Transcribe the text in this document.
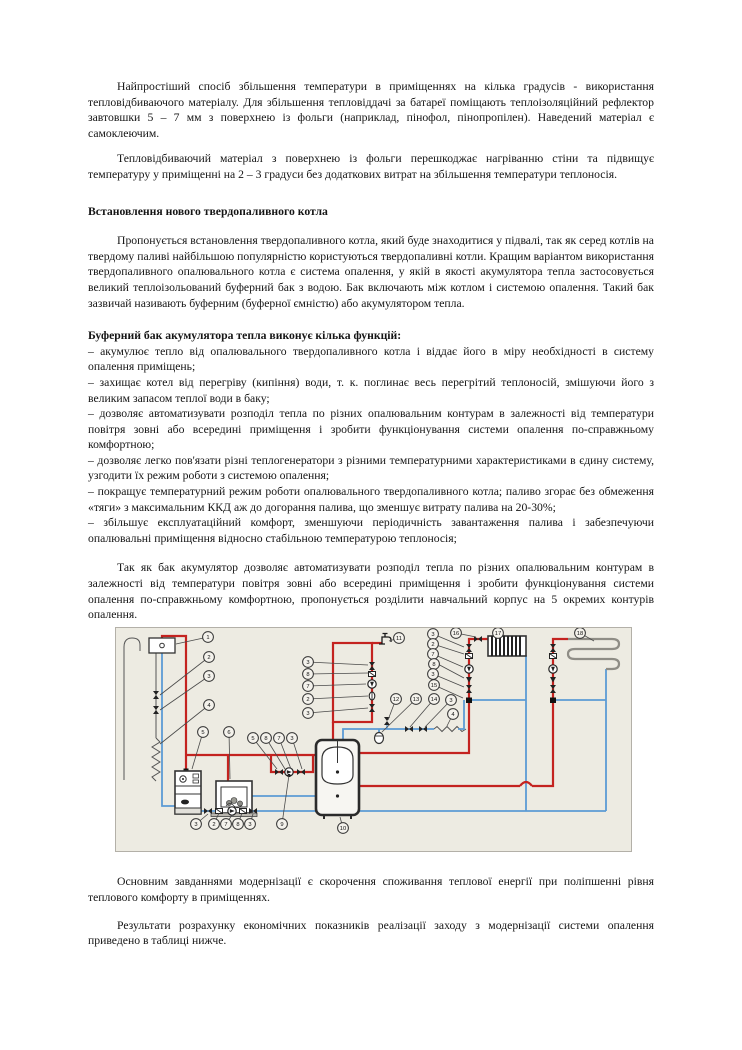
Найпростіший спосіб збільшення температури в приміщеннях на кілька градусів - використання тепловідбиваючого матеріалу. Для збільшення тепловіддачі за батареї поміщають теплоізоляційний рефлектор завтовшки 5 – 7 мм з поверхнею із фольги (наприклад, пінофол, пінопропілен). Наведений матеріал є самоклеючим.

Тепловідбиваючий матеріал з поверхнею із фольги перешкоджає нагріванню стіни та підвищує температуру у приміщенні на 2 – 3 градуси без додаткових витрат на збільшення температури теплоносія.

Встановлення нового твердопаливного котла

Пропонується встановлення твердопаливного котла, який буде знаходитися у підвалі, так як серед котлів на твердому паливі найбільшою популярністю користуються твердопаливні котли. Кращим варіантом використання твердопаливного опалювального котла є система опалення, у якій в якості акумулятора тепла застосовується великий теплоізольований буферний бак з водою. Бак включають між котлом і системою опалення. Такий бак зазвичай називають буферним (буферної ємністю) або акумулятором тепла.

Буферний бак акумулятора тепла виконує кілька функцій:

– акумулює тепло від опалювального твердопаливного котла і віддає його в міру необхідності в систему опалення приміщень;

– захищає котел від перегріву (кипіння) води, т. к. поглинає весь перегрітий теплоносій, змішуючи його з великим запасом теплої води в баку;

– дозволяє автоматизувати розподіл тепла по різних опалювальним контурам в залежності від температури повітря зовні або всередині приміщення і зробити функціонування системи опалення по-справжньому комфортною;

– дозволяє легко пов'язати різні теплогенератори з різними температурними характеристиками в єдину систему, узгодити їх режим роботи з системою опалення;

– покращує температурний режим роботи опалювального твердопаливного котла; паливо згорає без обмеження «тяги» з максимальним ККД аж до догорання палива, що зменшує витрату палива на 20-30%;

– збільшує експлуатаційний комфорт, зменшуючи періодичність завантаження палива і забезпечуючи опалювальні приміщення відносно стабільною температурою теплоносія;

Так як бак акумулятор дозволяє автоматизувати розподіл тепла по різних опалювальним контурам в залежності від температури повітря зовні або всередині приміщення і зробити функціонування системи опалення по-справжньому комфортною, пропонується розділити навчальний корпус на 5 окремих контурів опалення.

1
2
3
4
5	6
5 8 7 3
3	2 7 8 3	9
10
3
8
7
2
3
11
12 13 14 3
4
3
2
7
8
3
15
16	17	18

Основним завданнями модернізації є скорочення споживання теплової енергії при поліпшенні рівня теплового комфорту в приміщеннях.

Результати розрахунку економічних показників реалізації заходу з модернізації системи опалення приведено в таблиці нижче.
